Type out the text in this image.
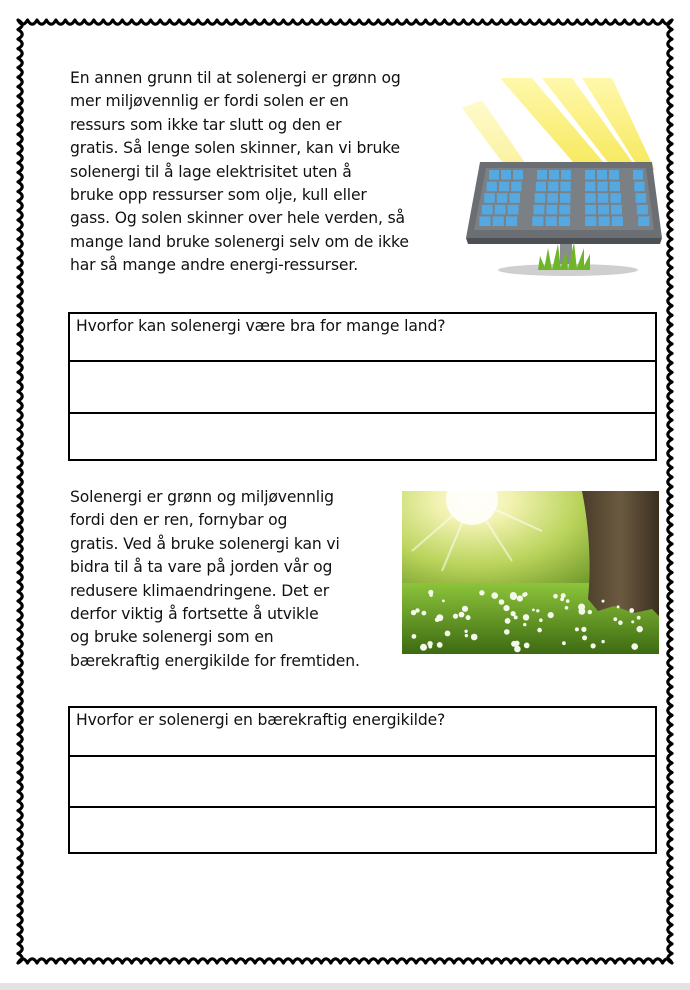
En annen grunn til at solenergi er grønn og
mer miljøvennlig er fordi solen er en
ressurs som ikke tar slutt og den er
gratis. Så lenge solen skinner, kan vi bruke
solenergi til å lage elektrisitet uten å
bruke opp ressurser som olje, kull eller
gass. Og solen skinner over hele verden, så
mange land bruke solenergi selv om de ikke
har så mange andre energi-ressurser.

Hvorfor kan solenergi være bra for mange land?

Solenergi er grønn og miljøvennlig
fordi den er ren, fornybar og
gratis. Ved å bruke solenergi kan vi
bidra til å ta vare på jorden vår og
redusere klimaendringene. Det er
derfor viktig å fortsette å utvikle
og bruke solenergi som en
bærekraftig energikilde for fremtiden.

Hvorfor er solenergi en bærekraftig energikilde?
